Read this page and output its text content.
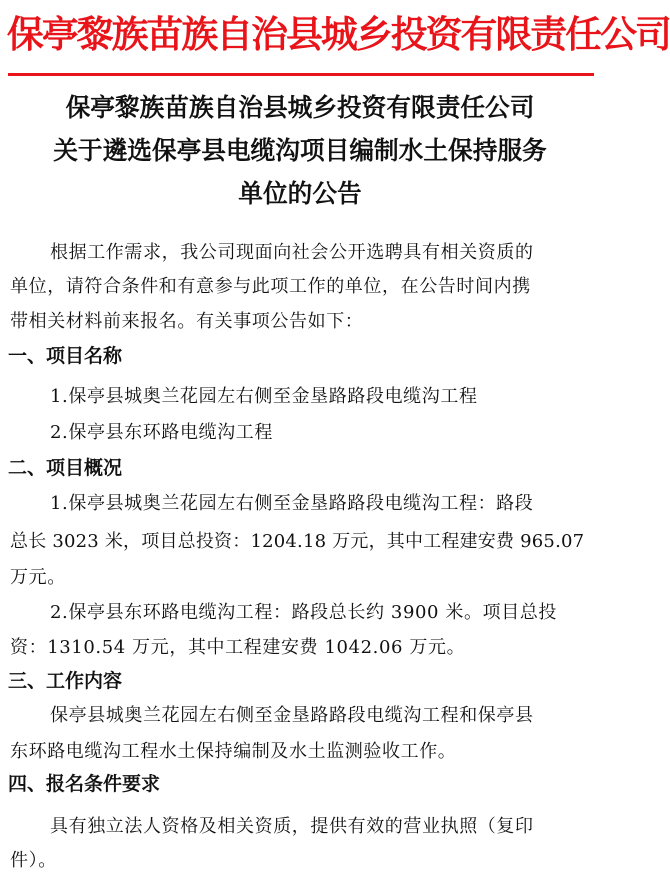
保亭黎族苗族自治县城乡投资有限责任公司
保亭黎族苗族自治县城乡投资有限责任公司
关于遴选保亭县电缆沟项目编制水土保持服务
单位的公告
根据工作需求，我公司现面向社会公开选聘具有相关资质的
单位，请符合条件和有意参与此项工作的单位，在公告时间内携
带相关材料前来报名。有关事项公告如下：
一、项目名称
1.保亭县城奥兰花园左右侧至金垦路路段电缆沟工程
2.保亭县东环路电缆沟工程
二、项目概况
1.保亭县城奥兰花园左右侧至金垦路路段电缆沟工程：路段
总长 3023 米，项目总投资：1204.18 万元，其中工程建安费 965.07
万元。
2.保亭县东环路电缆沟工程：路段总长约 3900 米。项目总投
资：1310.54 万元，其中工程建安费 1042.06 万元。
三、工作内容
保亭县城奥兰花园左右侧至金垦路路段电缆沟工程和保亭县
东环路电缆沟工程水土保持编制及水土监测验收工作。
四、报名条件要求
具有独立法人资格及相关资质，提供有效的营业执照（复印
件）。
